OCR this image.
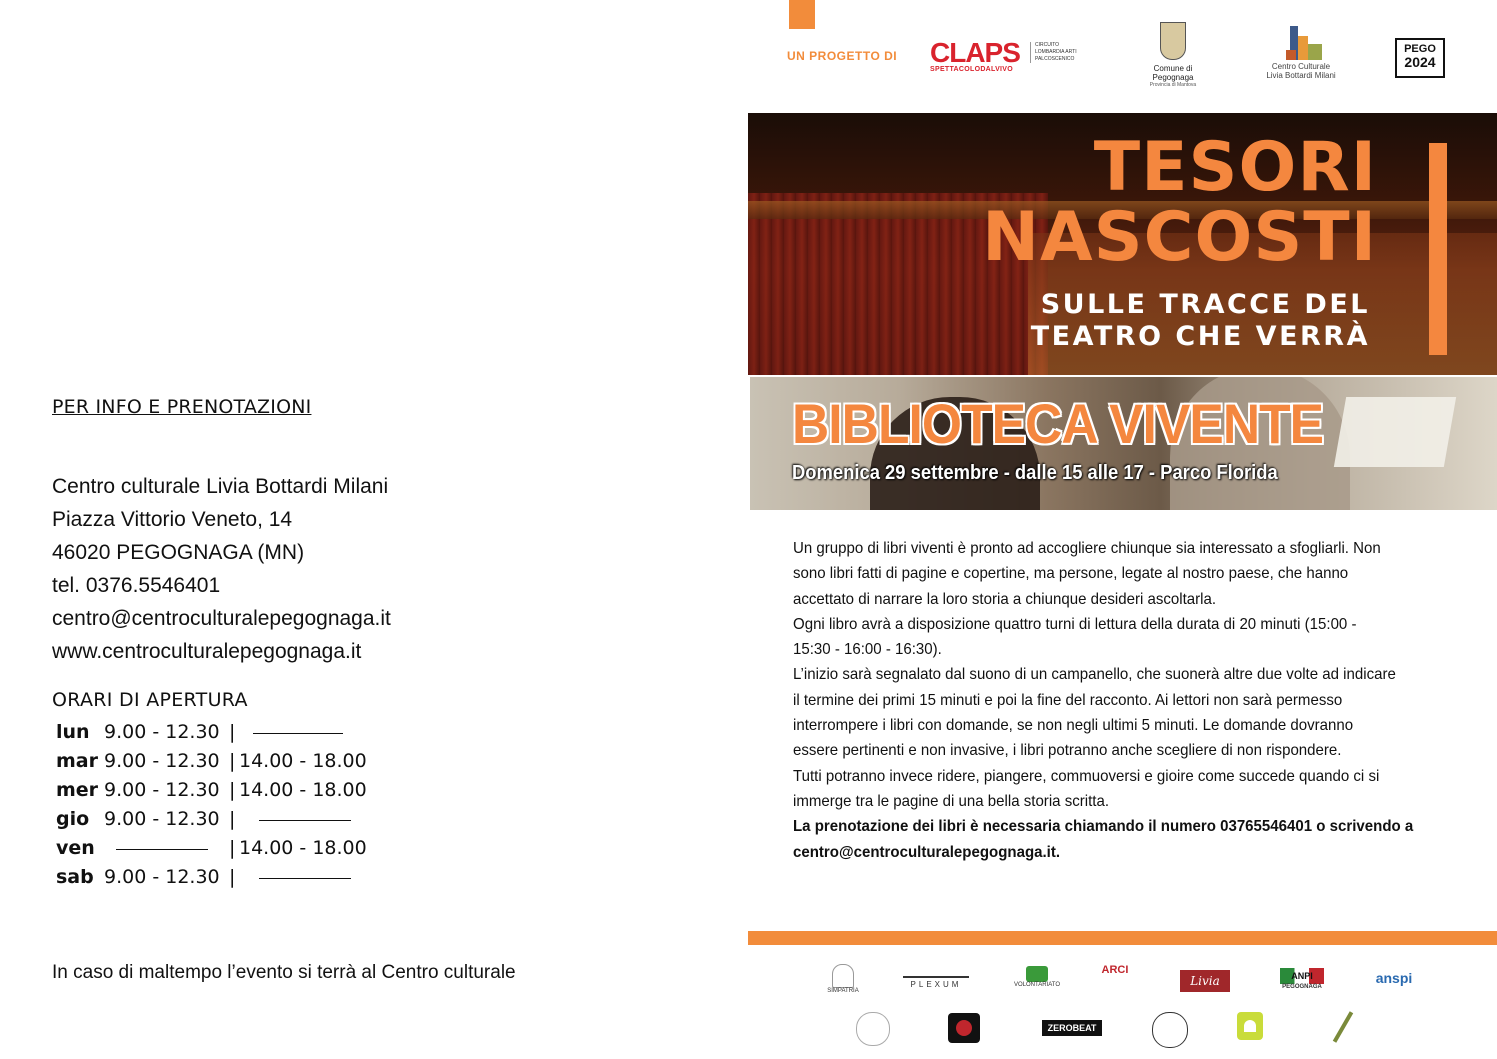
PER INFO E PRENOTAZIONI
Centro culturale Livia Bottardi Milani
Piazza Vittorio Veneto, 14
46020 PEGOGNAGA (MN)
tel. 0376.5546401
centro@centroculturalepegognaga.it
www.centroculturalepegognaga.it
ORARI DI APERTURA
lun 9.00 - 12.30 |
mar 9.00 - 12.30 | 14.00 - 18.00
mer 9.00 - 12.30 | 14.00 - 18.00
gio 9.00 - 12.30 |
ven	| 14.00 - 18.00
sab 9.00 - 12.30 |
In caso di maltempo l’evento si terrà al Centro culturale
UN PROGETTO DI CLAPS
SPETTACOLODALVIVO
CIRCUITO LOMBARDIA ARTI PALCOSCENICO
Comune di Pegognaga
Provincia di Mantova
Centro Culturale
Livia Bottardi Milani
PEGO
2024
TESORI
NASCOSTI
SULLE TRACCE DEL
TEATRO CHE VERRÀ
BIBLIOTECA VIVENTE
Domenica 29 settembre - dalle 15 alle 17 - Parco Florida

Un gruppo di libri viventi è pronto ad accogliere chiunque sia interessato a sfogliarli. Non

sono libri fatti di pagine e copertine, ma persone, legate al nostro paese, che hanno

accettato di narrare la loro storia a chiunque desideri ascoltarla.

Ogni libro avrà a disposizione quattro turni di lettura della durata di 20 minuti (15:00 -

15:30 - 16:00 - 16:30).

L’inizio sarà segnalato dal suono di un campanello, che suonerà altre due volte ad indicare

il termine dei primi 15 minuti e poi la fine del racconto. Ai lettori non sarà permesso

interrompere i libri con domande, se non negli ultimi 5 minuti. Le domande dovranno

essere pertinenti e non invasive, i libri potranno anche scegliere di non rispondere.

Tutti potranno invece ridere, piangere, commuoversi e gioire come succede quando ci si

immerge tra le pagine di una bella storia scritta.

La prenotazione dei libri è necessaria chiamando il numero 03765546401 o scrivendo a

centro@centroculturalepegognaga.it.

SIMPATRIA
PLEXUM	VOLONTARIATO
ARCI
Livia	ANPI
PEGOGNAGA
anspi
ZEROBEAT
